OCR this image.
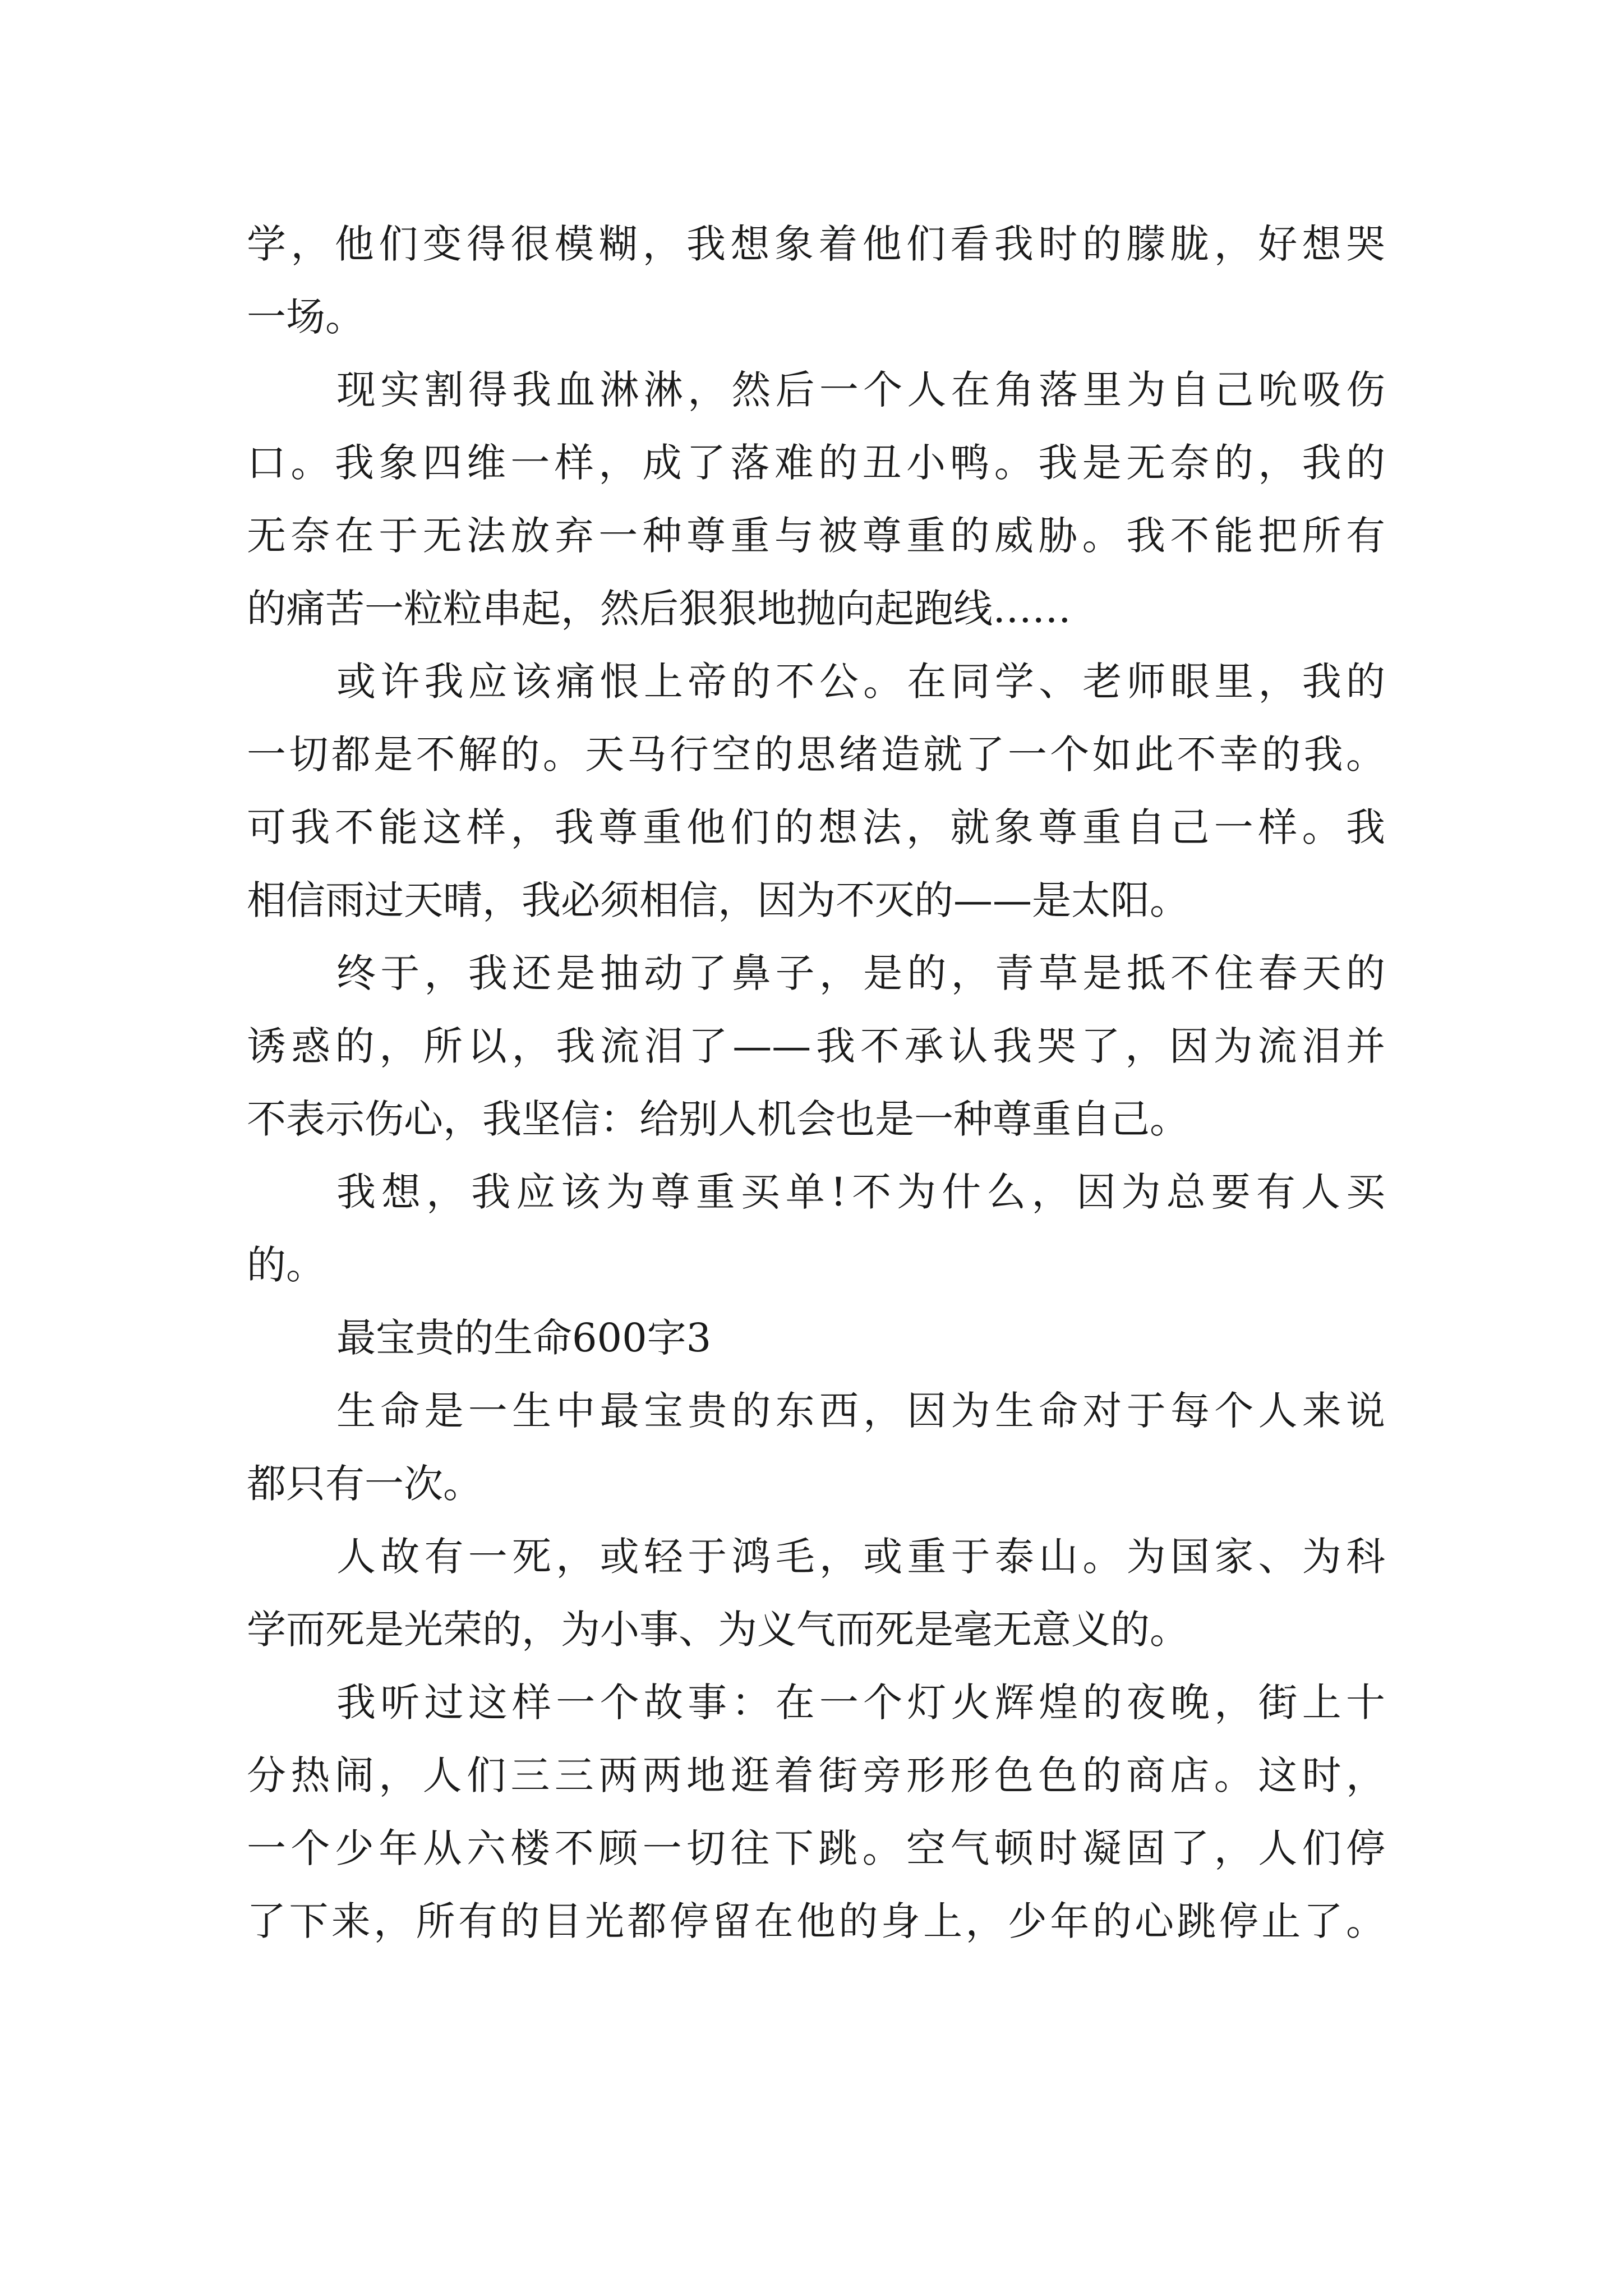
学，他们变得很模糊，我想象着他们看我时的朦胧，好想哭
一场。
现实割得我血淋淋，然后一个人在角落里为自己吮吸伤
口。我象四维一样，成了落难的丑小鸭。我是无奈的，我的
无奈在于无法放弃一种尊重与被尊重的威胁。我不能把所有
的痛苦一粒粒串起，然后狠狠地抛向起跑线……
或许我应该痛恨上帝的不公。在同学、老师眼里，我的
一切都是不解的。天马行空的思绪造就了一个如此不幸的我。
可我不能这样，我尊重他们的想法，就象尊重自己一样。我
相信雨过天晴，我必须相信，因为不灭的——是太阳。
终于，我还是抽动了鼻子，是的，青草是抵不住春天的
诱惑的，所以，我流泪了——我不承认我哭了，因为流泪并
不表示伤心，我坚信：给别人机会也是一种尊重自己。
我想，我应该为尊重买单!不为什么，因为总要有人买
的。
最宝贵的生命600字3
生命是一生中最宝贵的东西，因为生命对于每个人来说
都只有一次。
人故有一死，或轻于鸿毛，或重于泰山。为国家、为科
学而死是光荣的，为小事、为义气而死是毫无意义的。
我听过这样一个故事：在一个灯火辉煌的夜晚，街上十
分热闹，人们三三两两地逛着街旁形形色色的商店。这时，
一个少年从六楼不顾一切往下跳。空气顿时凝固了，人们停
了下来，所有的目光都停留在他的身上，少年的心跳停止了。
